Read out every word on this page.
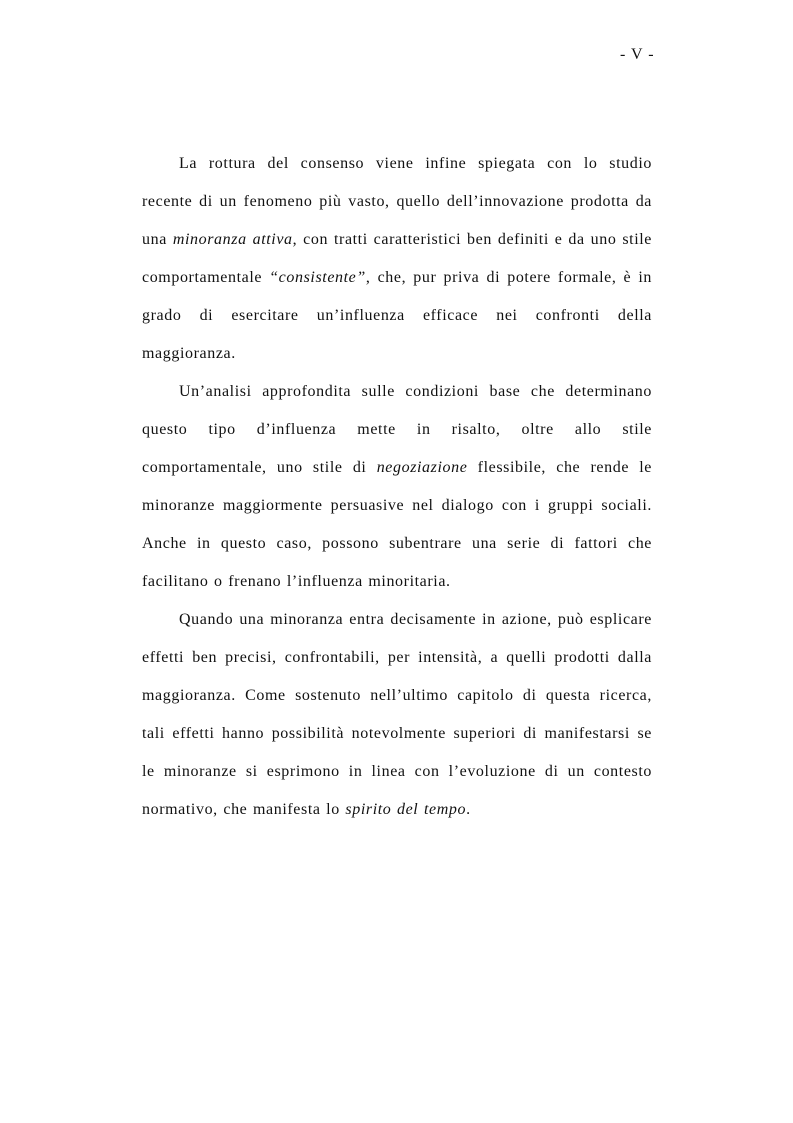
- V -

La rottura del consenso viene infine spiegata con lo studio recente di un fenomeno più vasto, quello dell’innovazione prodotta da una minoranza attiva, con tratti caratteristici ben definiti e da uno stile comportamentale “consistente”, che, pur priva di potere formale, è in grado di esercitare un’influenza efficace nei confronti della maggioranza.

Un’analisi approfondita sulle condizioni base che determinano questo tipo d’influenza mette in risalto, oltre allo stile comportamentale, uno stile di negoziazione flessibile, che rende le minoranze maggiormente persuasive nel dialogo con i gruppi sociali. Anche in questo caso, possono subentrare una serie di fattori che facilitano o frenano l’influenza minoritaria.

Quando una minoranza entra decisamente in azione, può esplicare effetti ben precisi, confrontabili, per intensità, a quelli prodotti dalla maggioranza. Come sostenuto nell’ultimo capitolo di questa ricerca, tali effetti hanno possibilità notevolmente superiori di manifestarsi se le minoranze si esprimono in linea con l’evoluzione di un contesto normativo, che manifesta lo spirito del tempo.
